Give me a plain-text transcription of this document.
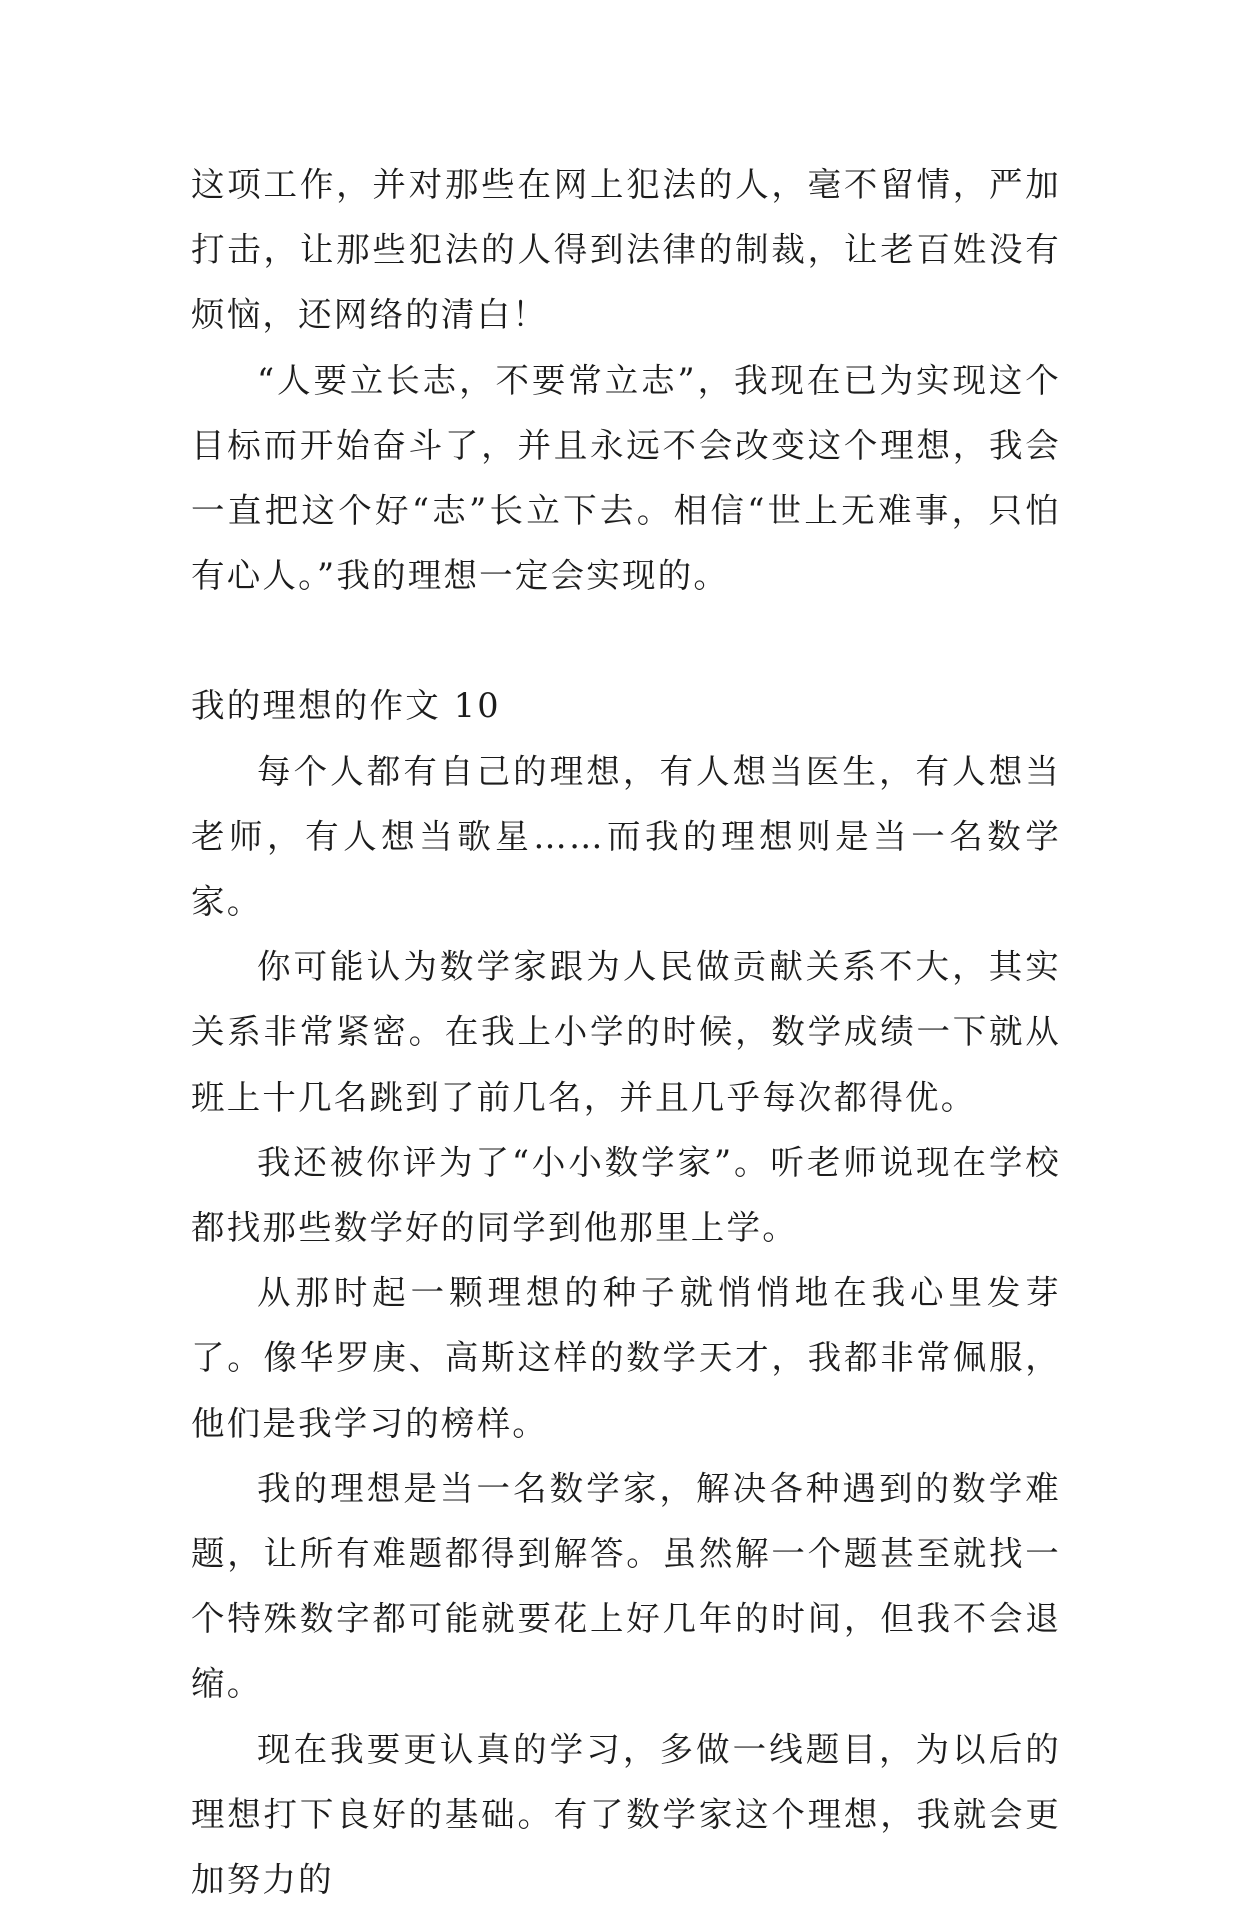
这项工作，并对那些在网上犯法的人，毫不留情，严加打击，让那些犯法的人得到法律的制裁，让老百姓没有烦恼，还网络的清白！

“人要立长志，不要常立志”，我现在已为实现这个目标而开始奋斗了，并且永远不会改变这个理想，我会一直把这个好“志”长立下去。相信“世上无难事，只怕有心人。”我的理想一定会实现的。

我的理想的作文 10

每个人都有自己的理想，有人想当医生，有人想当老师，有人想当歌星……而我的理想则是当一名数学家。

你可能认为数学家跟为人民做贡献关系不大，其实关系非常紧密。在我上小学的时候，数学成绩一下就从班上十几名跳到了前几名，并且几乎每次都得优。

我还被你评为了“小小数学家”。听老师说现在学校都找那些数学好的同学到他那里上学。

从那时起一颗理想的种子就悄悄地在我心里发芽了。像华罗庚、高斯这样的数学天才，我都非常佩服，他们是我学习的榜样。

我的理想是当一名数学家，解决各种遇到的数学难题，让所有难题都得到解答。虽然解一个题甚至就找一个特殊数字都可能就要花上好几年的时间，但我不会退缩。

现在我要更认真的学习，多做一线题目，为以后的理想打下良好的基础。有了数学家这个理想，我就会更加努力的
